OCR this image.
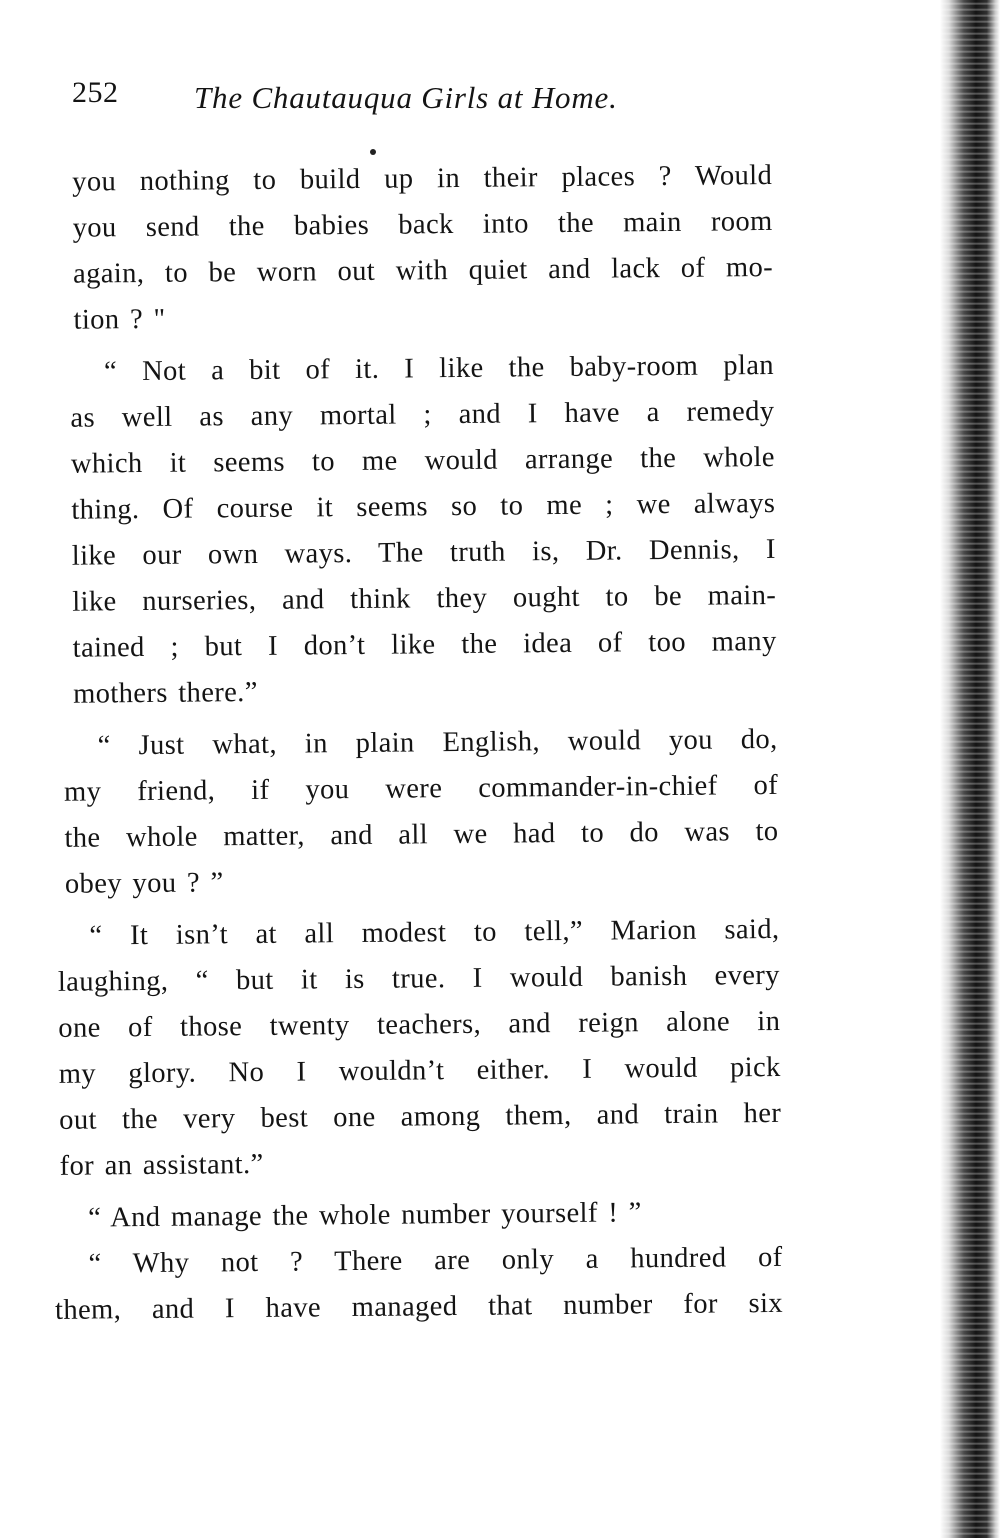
252 The Chautauqua Girls at Home.
you nothing to build up in their places ? Would
you send the babies back into the main room
again, to be worn out with quiet and lack of mo-
tion ? "
“ Not a bit of it. I like the baby-room plan
as well as any mortal ; and I have a remedy
which it seems to me would arrange the whole
thing. Of course it seems so to me ; we always
like our own ways. The truth is, Dr. Dennis, I
like nurseries, and think they ought to be main-
tained ; but I don’t like the idea of too many
mothers there.”
“ Just what, in plain English, would you do,
my friend, if you were commander-in-chief of
the whole matter, and all we had to do was to
obey you ? ”
“ It isn’t at all modest to tell,” Marion said,
laughing, “ but it is true. I would banish every
one of those twenty teachers, and reign alone in
my glory. No I wouldn’t either. I would pick
out the very best one among them, and train her
for an assistant.”
“ And manage the whole number yourself ! ”
“ Why not ? There are only a hundred of
them, and I have managed that number for six
